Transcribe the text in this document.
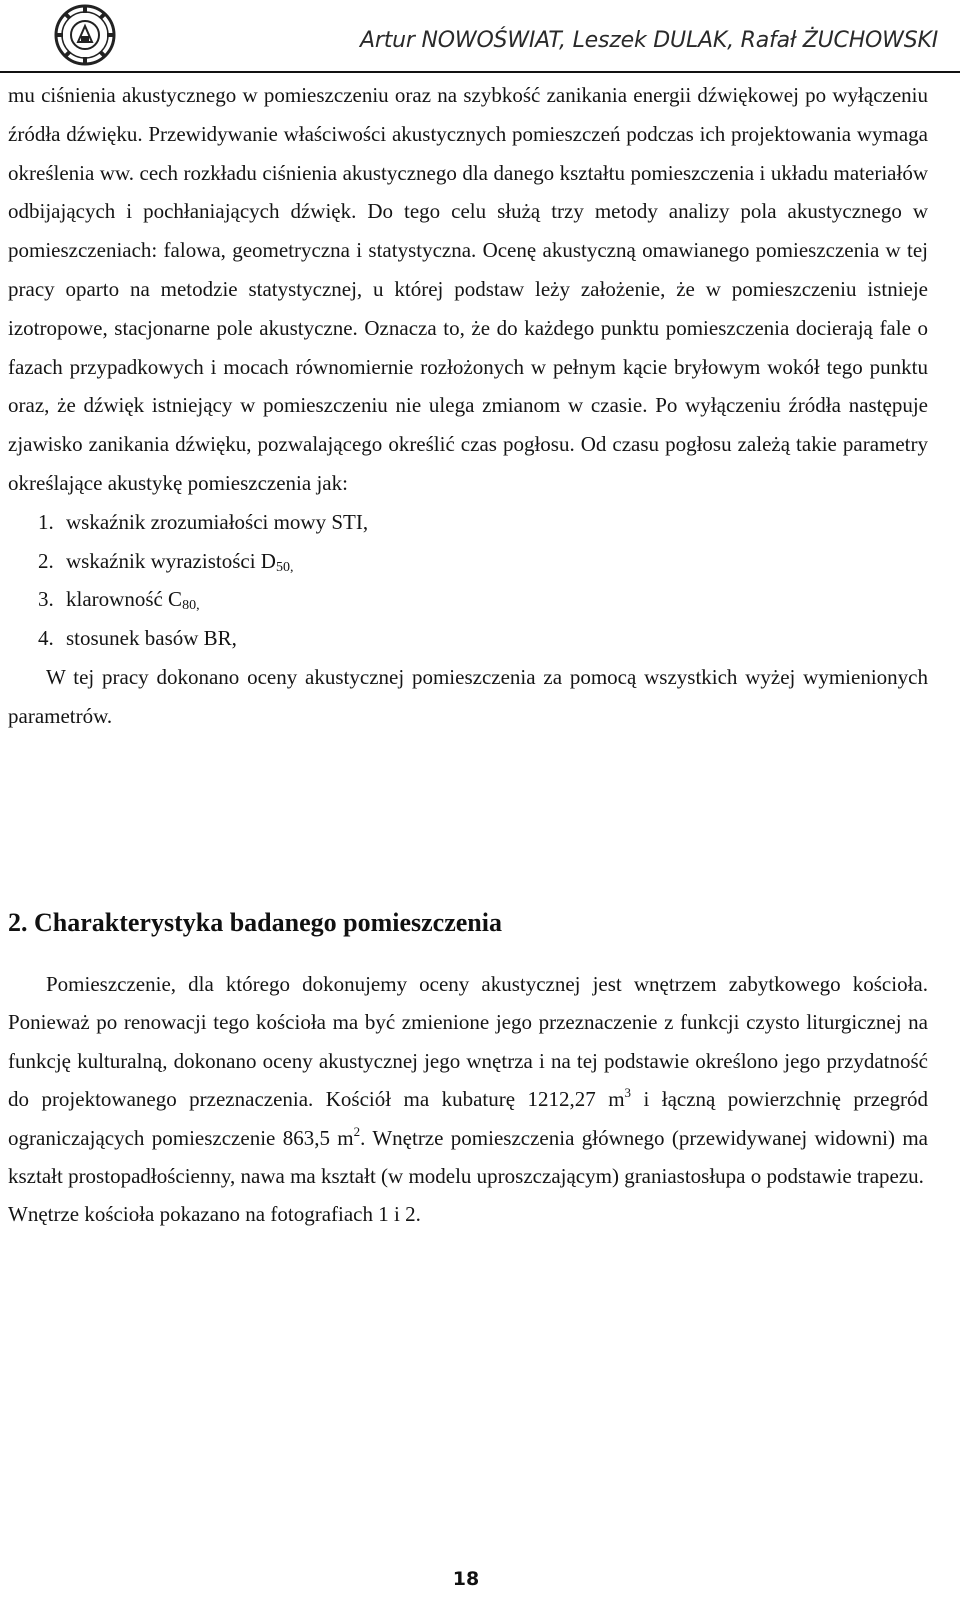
Artur NOWOŚWIAT, Leszek DULAK, Rafał ŻUCHOWSKI

mu ciśnienia akustycznego w pomieszczeniu oraz na szybkość zanikania energii dźwiękowej po wyłączeniu źródła dźwięku. Przewidywanie właściwości akustycznych pomieszczeń podczas ich projektowania wymaga określenia ww. cech rozkładu ciśnienia akustycznego dla danego kształtu pomieszczenia i układu materiałów odbijających i pochłaniających dźwięk. Do tego celu służą trzy metody analizy pola akustycznego w pomieszczeniach: falowa, geometryczna i statystyczna. Ocenę akustyczną omawianego pomieszczenia w tej pracy oparto na metodzie statystycznej, u której podstaw leży założenie, że w pomieszczeniu istnieje izotropowe, stacjonarne pole akustyczne. Oznacza to, że do każdego punktu pomieszczenia docierają fale o fazach przypadkowych i mocach równomiernie rozłożonych w pełnym kącie bryłowym wokół tego punktu oraz, że dźwięk istniejący w pomieszczeniu nie ulega zmianom w czasie. Po wyłączeniu źródła następuje zjawisko zanikania dźwięku, pozwalającego określić czas pogłosu. Od czasu pogłosu zależą takie parametry określające akustykę pomieszczenia jak:

1. wskaźnik zrozumiałości mowy STI,
2. wskaźnik wyrazistości $D_{50,}$
3. klarowność $C_{80,}$
4. stosunek basów BR,

W tej pracy dokonano oceny akustycznej pomieszczenia za pomocą wszystkich wyżej wymienionych parametrów.

2. Charakterystyka badanego pomieszczenia

Pomieszczenie, dla którego dokonujemy oceny akustycznej jest wnętrzem zabytkowego kościoła. Ponieważ po renowacji tego kościoła ma być zmienione jego przeznaczenie z funkcji czysto liturgicznej na funkcję kulturalną, dokonano oceny akustycznej jego wnętrza i na tej podstawie określono jego przydatność do projektowanego przeznaczenia. Kościół ma kubaturę 1212,27 $m^3$ i łączną powierzchnię przegród ograniczających pomieszczenie 863,5 $m^2$. Wnętrze pomieszczenia głównego (przewidywanej widowni) ma kształt prostopadłościenny, nawa ma kształt (w modelu uproszczającym) graniastosłupa o podstawie trapezu.

Wnętrze kościoła pokazano na fotografiach 1 i 2.

18
